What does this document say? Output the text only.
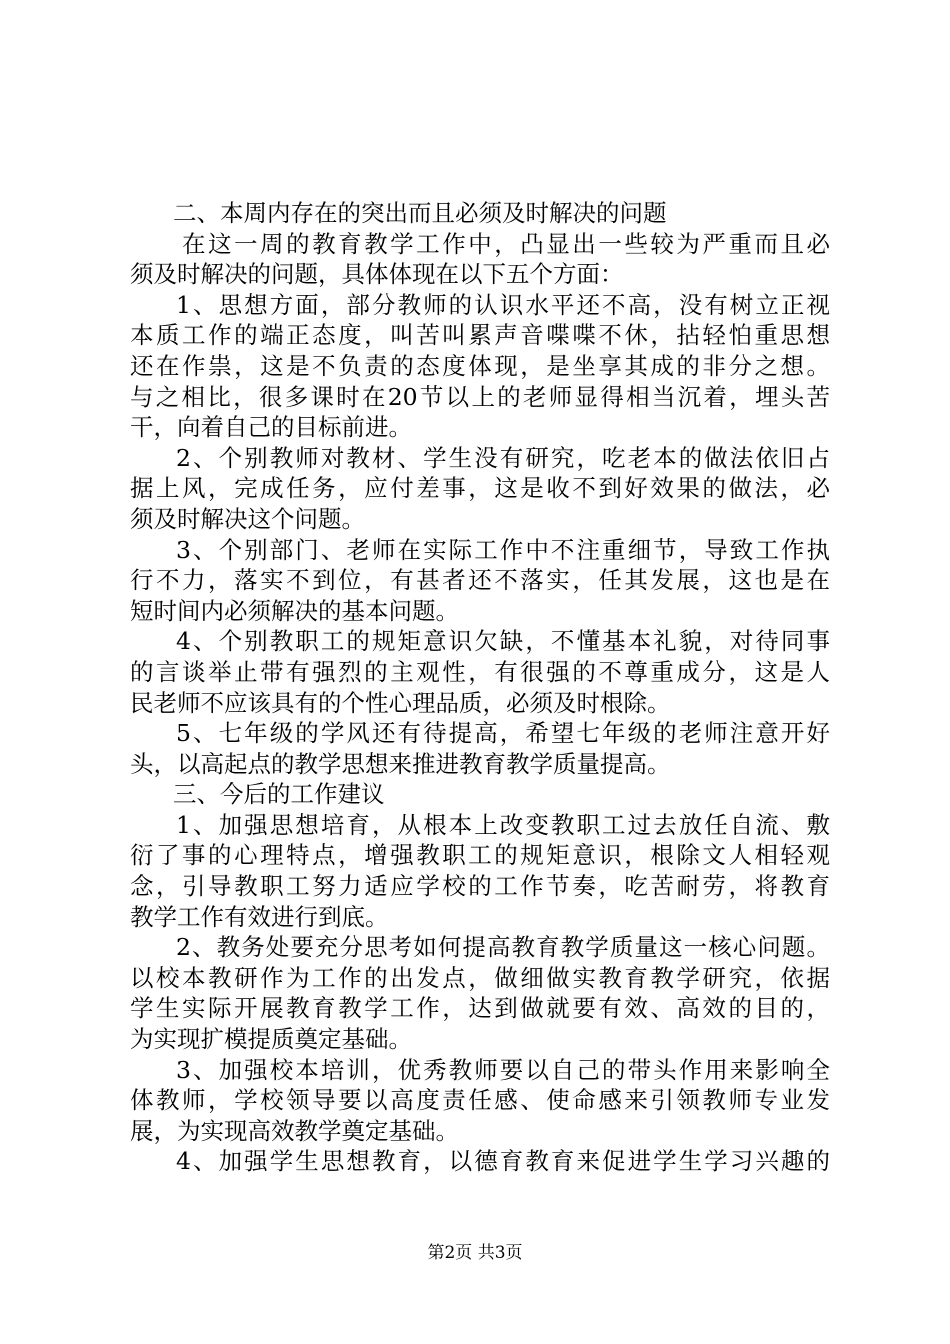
二、本周内存在的突出而且必须及时解决的问题
在这一周的教育教学工作中，凸显出一些较为严重而且必
须及时解决的问题，具体体现在以下五个方面：
1、思想方面，部分教师的认识水平还不高，没有树立正视
本质工作的端正态度，叫苦叫累声音喋喋不休，拈轻怕重思想
还在作祟，这是不负责的态度体现，是坐享其成的非分之想。
与之相比，很多课时在20节以上的老师显得相当沉着，埋头苦
干，向着自己的目标前进。
2、个别教师对教材、学生没有研究，吃老本的做法依旧占
据上风，完成任务，应付差事，这是收不到好效果的做法，必
须及时解决这个问题。
3、个别部门、老师在实际工作中不注重细节，导致工作执
行不力，落实不到位，有甚者还不落实，任其发展，这也是在
短时间内必须解决的基本问题。
4、个别教职工的规矩意识欠缺，不懂基本礼貌，对待同事
的言谈举止带有强烈的主观性，有很强的不尊重成分，这是人
民老师不应该具有的个性心理品质，必须及时根除。
5、七年级的学风还有待提高，希望七年级的老师注意开好
头，以高起点的教学思想来推进教育教学质量提高。
三、今后的工作建议
1、加强思想培育，从根本上改变教职工过去放任自流、敷
衍了事的心理特点，增强教职工的规矩意识，根除文人相轻观
念，引导教职工努力适应学校的工作节奏，吃苦耐劳，将教育
教学工作有效进行到底。
2、教务处要充分思考如何提高教育教学质量这一核心问题。
以校本教研作为工作的出发点，做细做实教育教学研究，依据
学生实际开展教育教学工作，达到做就要有效、高效的目的，
为实现扩模提质奠定基础。
3、加强校本培训，优秀教师要以自己的带头作用来影响全
体教师，学校领导要以高度责任感、使命感来引领教师专业发
展，为实现高效教学奠定基础。
4、加强学生思想教育，以德育教育来促进学生学习兴趣的
第2页 共3页
